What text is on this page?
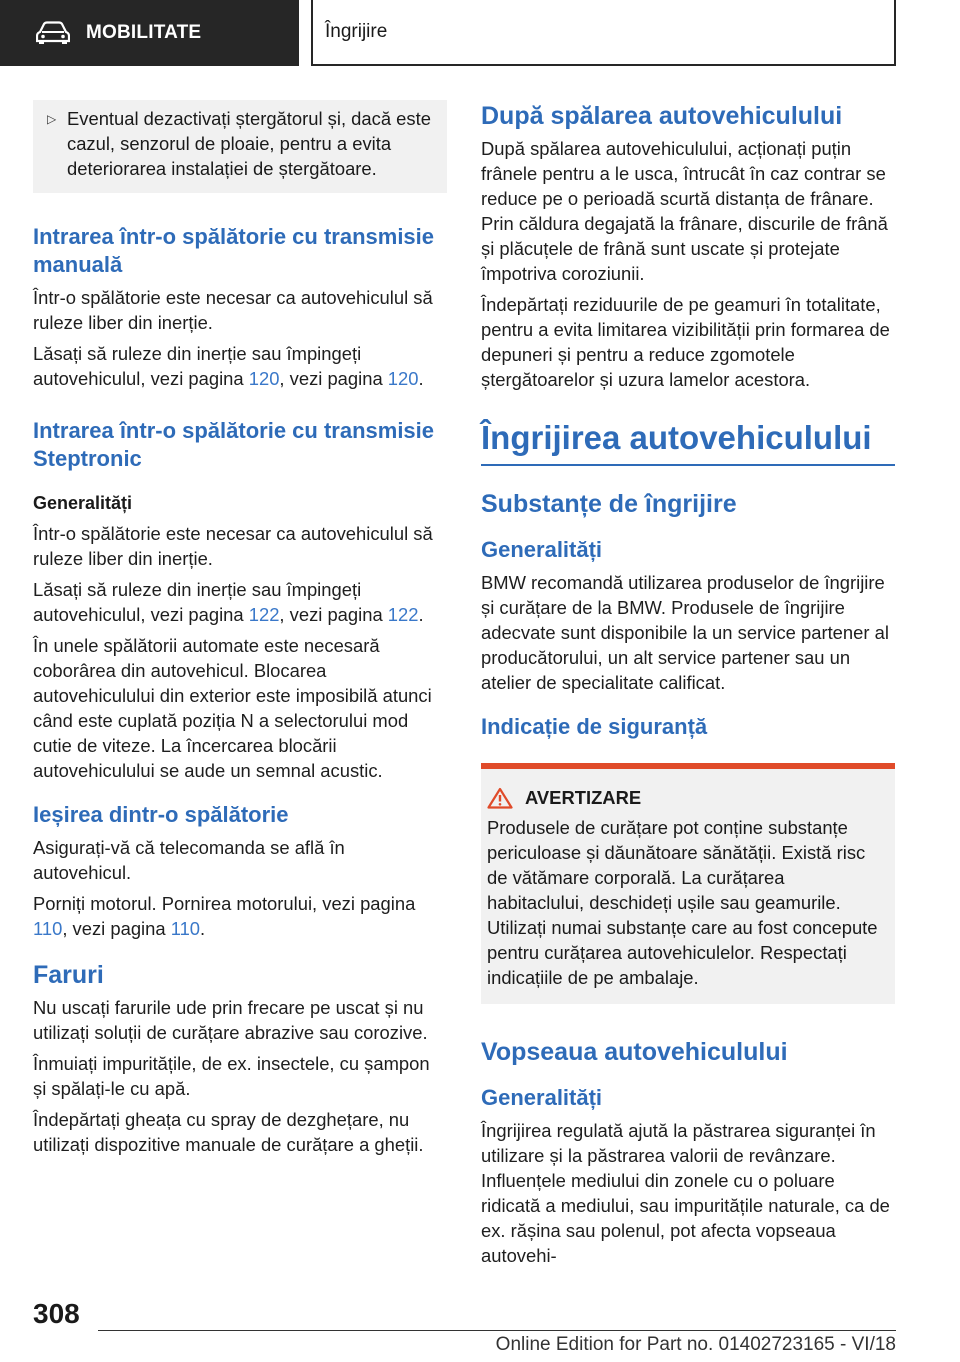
MOBILITATE	Îngrijire
▷ Eventual dezactivați ștergătorul și, dacă este cazul, senzorul de ploaie, pentru a evita deteriorarea instalației de ștergătoare.

Intrarea într-o spălătorie cu transmisie manuală

Într-o spălătorie este necesar ca autovehiculul să ruleze liber din inerție.

Lăsați să ruleze din inerție sau împingeți autovehiculul, vezi pagina 120, vezi pagina 120.

Intrarea într-o spălătorie cu transmisie Steptronic
Generalități

Într-o spălătorie este necesar ca autovehiculul să ruleze liber din inerție.

Lăsați să ruleze din inerție sau împingeți autovehiculul, vezi pagina 122, vezi pagina 122.

În unele spălătorii automate este necesară coborârea din autovehicul. Blocarea autovehiculului din exterior este imposibilă atunci când este cuplată poziția N a selectorului mod cutie de viteze. La încercarea blocării autovehiculului se aude un semnal acustic.

Ieșirea dintr-o spălătorie

Asigurați-vă că telecomanda se află în autovehicul.

Porniți motorul. Pornirea motorului, vezi pagina 110, vezi pagina 110.

Faruri

Nu uscați farurile ude prin frecare pe uscat și nu utilizați soluții de curățare abrazive sau corozive.

Înmuiați impuritățile, de ex. insectele, cu șampon și spălați-le cu apă.

Îndepărtați gheața cu spray de dezghețare, nu utilizați dispozitive manuale de curățare a gheții.

După spălarea autovehiculului

După spălarea autovehiculului, acționați puțin frânele pentru a le usca, întrucât în caz contrar se reduce pe o perioadă scurtă distanța de frânare. Prin căldura degajată la frânare, discurile de frână și plăcuțele de frână sunt uscate și protejate împotriva coroziunii.

Îndepărtați reziduurile de pe geamuri în totalitate, pentru a evita limitarea vizibilității prin formarea de depuneri și pentru a reduce zgomotele ștergătoarelor și uzura lamelor acestora.

Îngrijirea autovehiculului
Substanțe de îngrijire
Generalități

BMW recomandă utilizarea produselor de îngrijire și curățare de la BMW. Produsele de îngrijire adecvate sunt disponibile la un service partener al producătorului, un alt service partener sau un atelier de specialitate calificat.

Indicație de siguranță
AVERTIZARE

Produsele de curățare pot conține substanțe periculoase și dăunătoare sănătății. Există risc de vătămare corporală. La curățarea habitaclului, deschideți ușile sau geamurile. Utilizați numai substanțe care au fost concepute pentru curățarea autovehiculelor. Respectați indicațiile de pe ambalaje.

Vopseaua autovehiculului
Generalități

Îngrijirea regulată ajută la păstrarea siguranței în utilizare și la păstrarea valorii de revânzare. Influențele mediului din zonele cu o poluare ridicată a mediului, sau impuritățile naturale, ca de ex. rășina sau polenul, pot afecta vopseaua autovehi-

308
Online Edition for Part no. 01402723165 - VI/18
